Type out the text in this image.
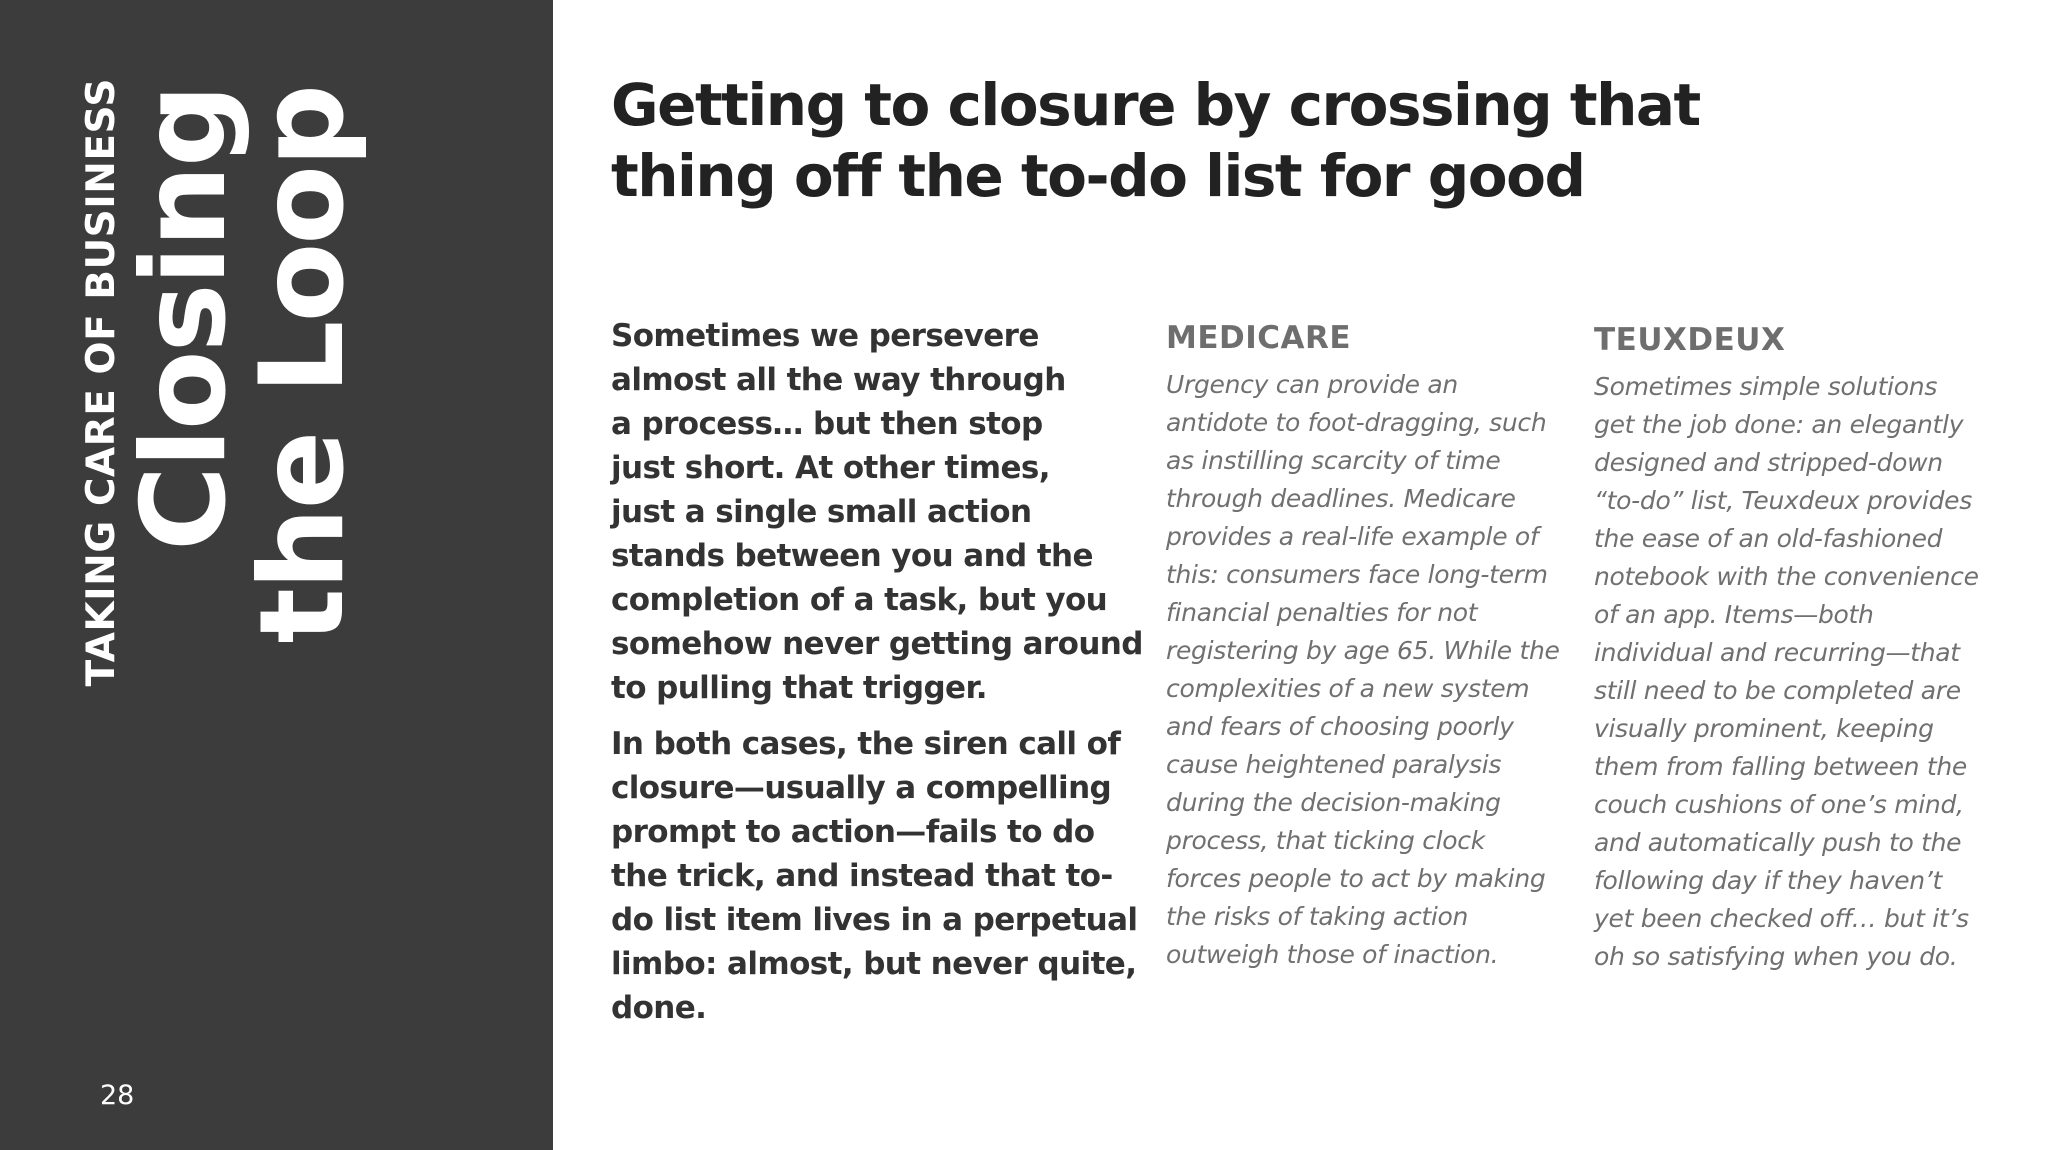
TAKING CARE OF BUSINESS
Closing
the Loop
28
Getting to closure by crossing that
thing off the to-do list for good

Sometimes we persevere
almost all the way through
a process… but then stop
just short. At other times,
just a single small action
stands between you and the
completion of a task, but you
somehow never getting around
to pulling that trigger.

In both cases, the siren call of
closure—usually a compelling
prompt to action—fails to do
the trick, and instead that to-
do list item lives in a perpetual
limbo: almost, but never quite,
done.

MEDICARE
Urgency can provide an
antidote to foot-dragging, such
as instilling scarcity of time
through deadlines. Medicare
provides a real-life example of
this: consumers face long-term
financial penalties for not
registering by age 65. While the
complexities of a new system
and fears of choosing poorly
cause heightened paralysis
during the decision-making
process, that ticking clock
forces people to act by making
the risks of taking action
outweigh those of inaction.
TEUXDEUX
Sometimes simple solutions
get the job done: an elegantly
designed and stripped-down
“to-do” list, Teuxdeux provides
the ease of an old-fashioned
notebook with the convenience
of an app. Items—both
individual and recurring—that
still need to be completed are
visually prominent, keeping
them from falling between the
couch cushions of one’s mind,
and automatically push to the
following day if they haven’t
yet been checked off… but it’s
oh so satisfying when you do.
